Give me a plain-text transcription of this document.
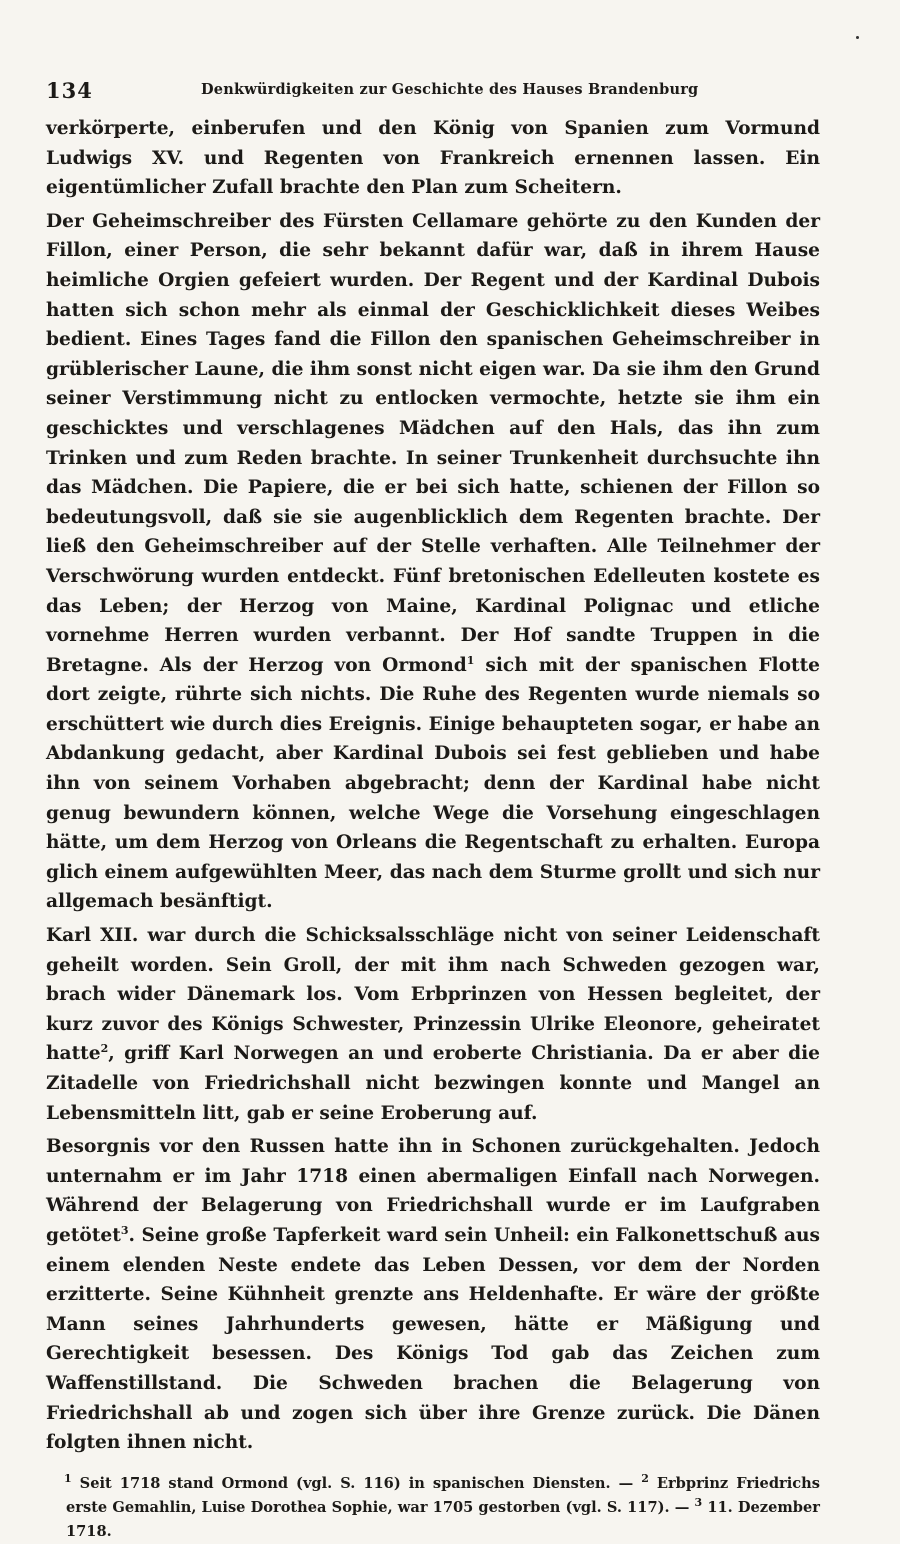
134	Denkwürdigkeiten zur Geschichte des Hauses Brandenburg

verkörperte, einberufen und den König von Spanien zum Vormund Ludwigs XV. und Regenten von Frankreich ernennen lassen. Ein eigentümlicher Zufall brachte den Plan zum Scheitern.

Der Geheimschreiber des Fürsten Cellamare gehörte zu den Kunden der Fillon, einer Person, die sehr bekannt dafür war, daß in ihrem Hause heimliche Orgien gefeiert wurden. Der Regent und der Kardinal Dubois hatten sich schon mehr als einmal der Geschicklichkeit dieses Weibes bedient. Eines Tages fand die Fillon den spanischen Geheimschreiber in grüblerischer Laune, die ihm sonst nicht eigen war. Da sie ihm den Grund seiner Verstimmung nicht zu entlocken vermochte, hetzte sie ihm ein geschicktes und verschlagenes Mädchen auf den Hals, das ihn zum Trinken und zum Reden brachte. In seiner Trunkenheit durchsuchte ihn das Mädchen. Die Papiere, die er bei sich hatte, schienen der Fillon so bedeutungsvoll, daß sie sie augenblicklich dem Regenten brachte. Der ließ den Geheimschreiber auf der Stelle verhaften. Alle Teilnehmer der Verschwörung wurden entdeckt. Fünf bretonischen Edelleuten kostete es das Leben; der Herzog von Maine, Kardinal Polignac und etliche vornehme Herren wurden verbannt. Der Hof sandte Truppen in die Bretagne. Als der Herzog von Ormond$^1$ sich mit der spanischen Flotte dort zeigte, rührte sich nichts. Die Ruhe des Regenten wurde niemals so erschüttert wie durch dies Ereignis. Einige behaupteten sogar, er habe an Abdankung gedacht, aber Kardinal Dubois sei fest geblieben und habe ihn von seinem Vorhaben abgebracht; denn der Kardinal habe nicht genug bewundern können, welche Wege die Vorsehung eingeschlagen hätte, um dem Herzog von Orleans die Regentschaft zu erhalten. Europa glich einem aufgewühlten Meer, das nach dem Sturme grollt und sich nur allgemach besänftigt.

Karl XII. war durch die Schicksalsschläge nicht von seiner Leidenschaft geheilt worden. Sein Groll, der mit ihm nach Schweden gezogen war, brach wider Dänemark los. Vom Erbprinzen von Hessen begleitet, der kurz zuvor des Königs Schwester, Prinzessin Ulrike Eleonore, geheiratet hatte$^2$, griff Karl Norwegen an und eroberte Christiania. Da er aber die Zitadelle von Friedrichshall nicht bezwingen konnte und Mangel an Lebensmitteln litt, gab er seine Eroberung auf.

Besorgnis vor den Russen hatte ihn in Schonen zurückgehalten. Jedoch unternahm er im Jahr 1718 einen abermaligen Einfall nach Norwegen. Während der Belagerung von Friedrichshall wurde er im Laufgraben getötet$^3$. Seine große Tapferkeit ward sein Unheil: ein Falkonettschuß aus einem elenden Neste endete das Leben Dessen, vor dem der Norden erzitterte. Seine Kühnheit grenzte ans Heldenhafte. Er wäre der größte Mann seines Jahrhunderts gewesen, hätte er Mäßigung und Gerechtigkeit besessen. Des Königs Tod gab das Zeichen zum Waffenstillstand. Die Schweden brachen die Belagerung von Friedrichshall ab und zogen sich über ihre Grenze zurück. Die Dänen folgten ihnen nicht.

$^1$ Seit 1718 stand Ormond (vgl. S. 116) in spanischen Diensten. — $^2$ Erbprinz Friedrichs erste Gemahlin, Luise Dorothea Sophie, war 1705 gestorben (vgl. S. 117). — $^3$ 11. Dezember 1718.
